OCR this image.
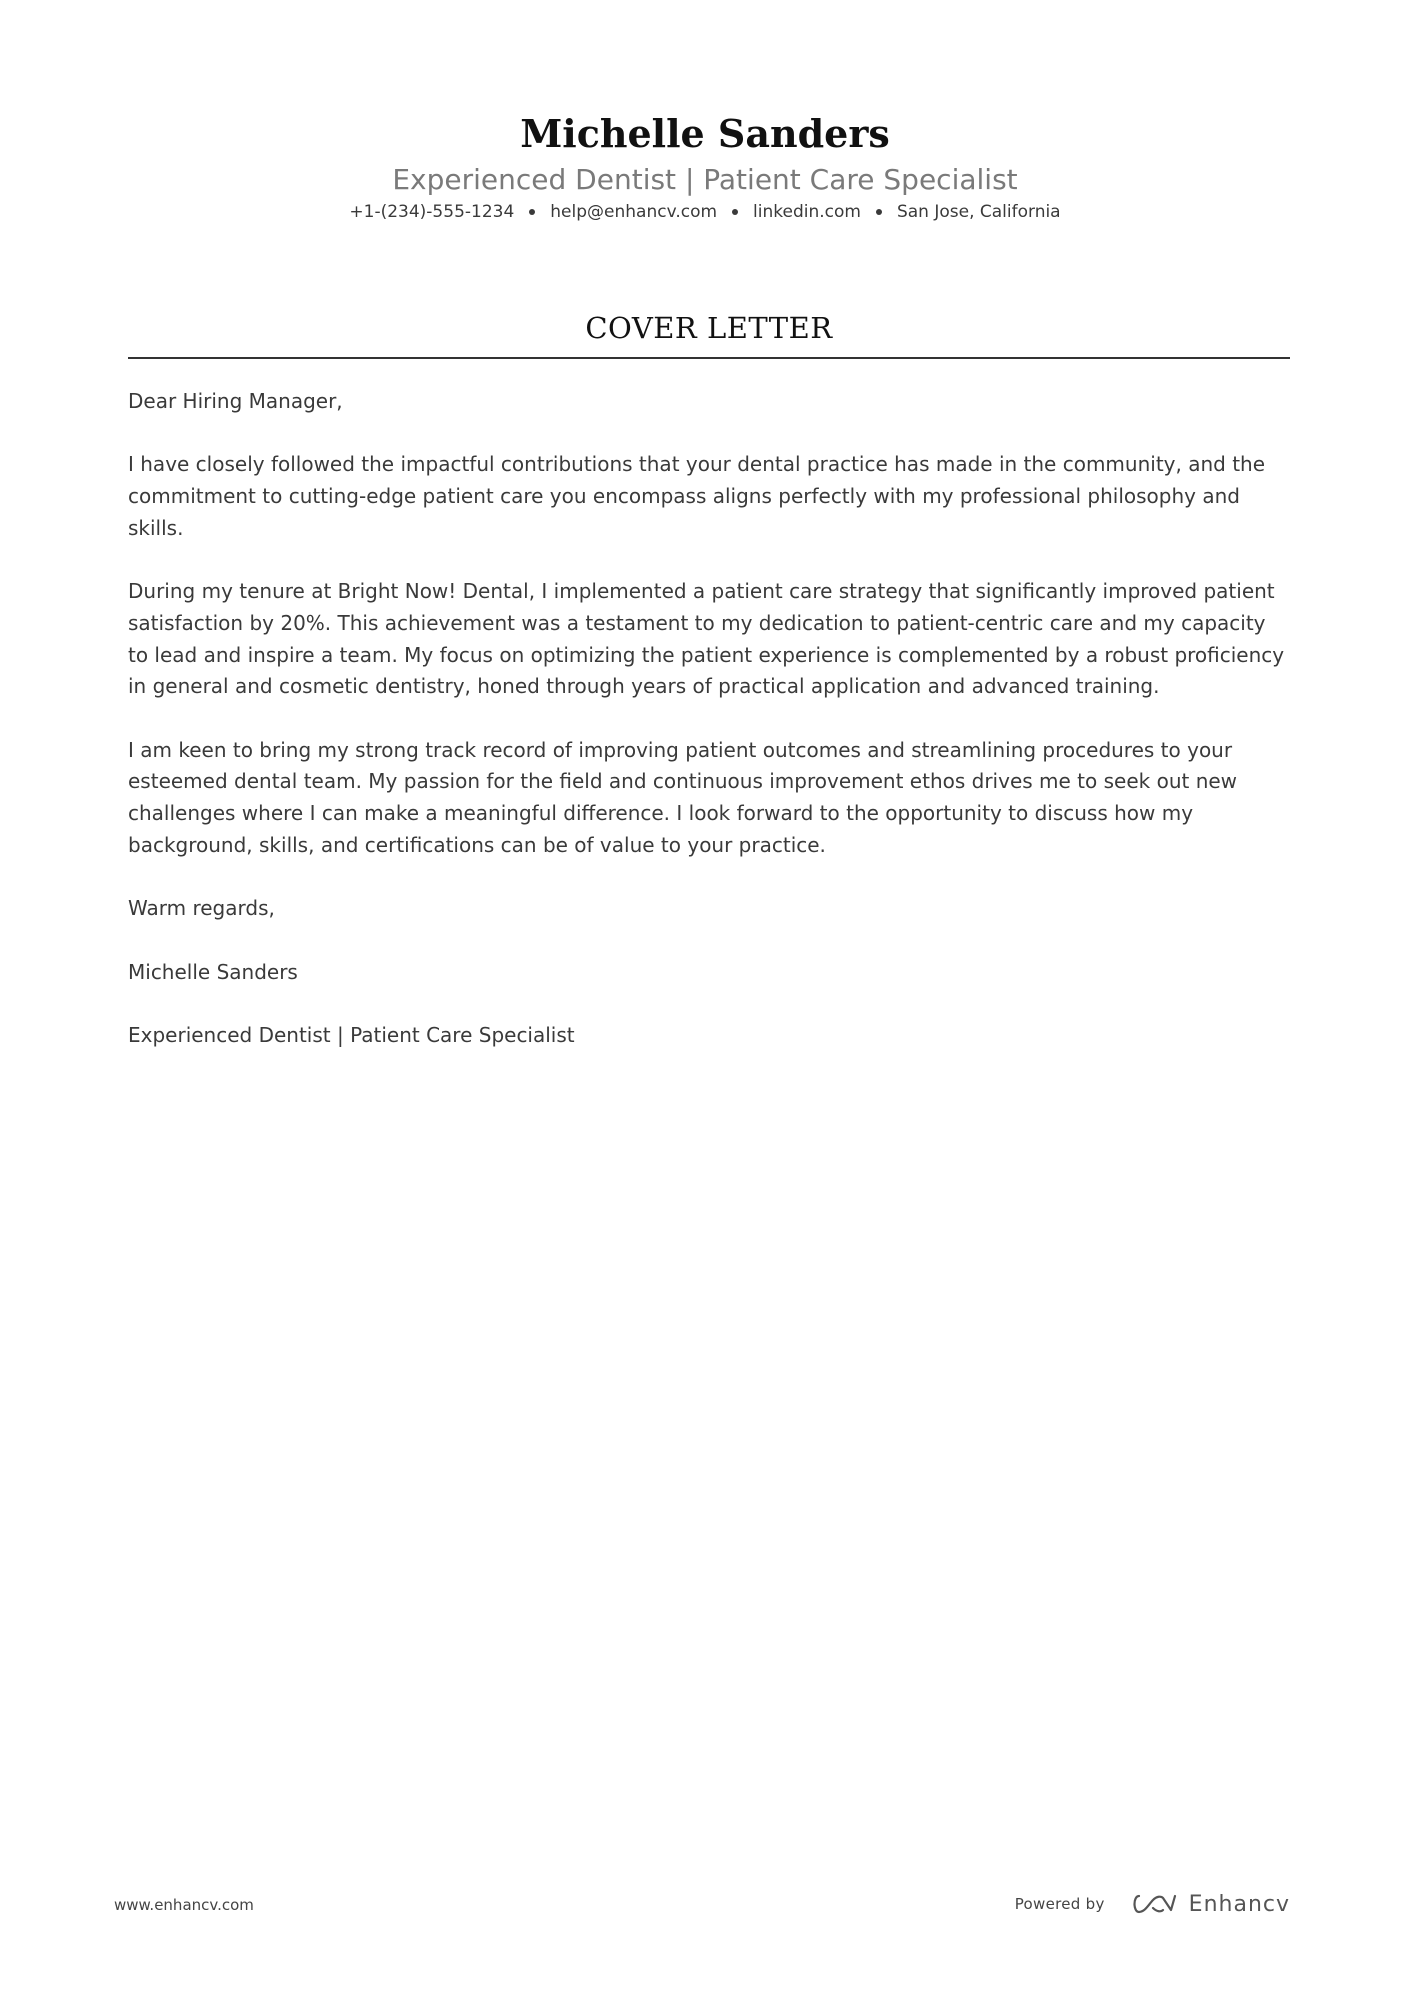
Michelle Sanders
Experienced Dentist | Patient Care Specialist
+1-(234)-555-1234 help@enhancv.com linkedin.com San Jose, California
COVER LETTER

Dear Hiring Manager,

I have closely followed the impactful contributions that your dental practice has made in the community, and the commitment to cutting-edge patient care you encompass aligns perfectly with my professional philosophy and skills.

During my tenure at Bright Now! Dental, I implemented a patient care strategy that significantly improved patient satisfaction by 20%. This achievement was a testament to my dedication to patient-centric care and my capacity to lead and inspire a team. My focus on optimizing the patient experience is complemented by a robust proficiency in general and cosmetic dentistry, honed through years of practical application and advanced training.

I am keen to bring my strong track record of improving patient outcomes and streamlining procedures to your esteemed dental team. My passion for the field and continuous improvement ethos drives me to seek out new challenges where I can make a meaningful difference. I look forward to the opportunity to discuss how my background, skills, and certifications can be of value to your practice.

Warm regards,

Michelle Sanders

Experienced Dentist | Patient Care Specialist

www.enhancv.com	Powered by	Enhancv
